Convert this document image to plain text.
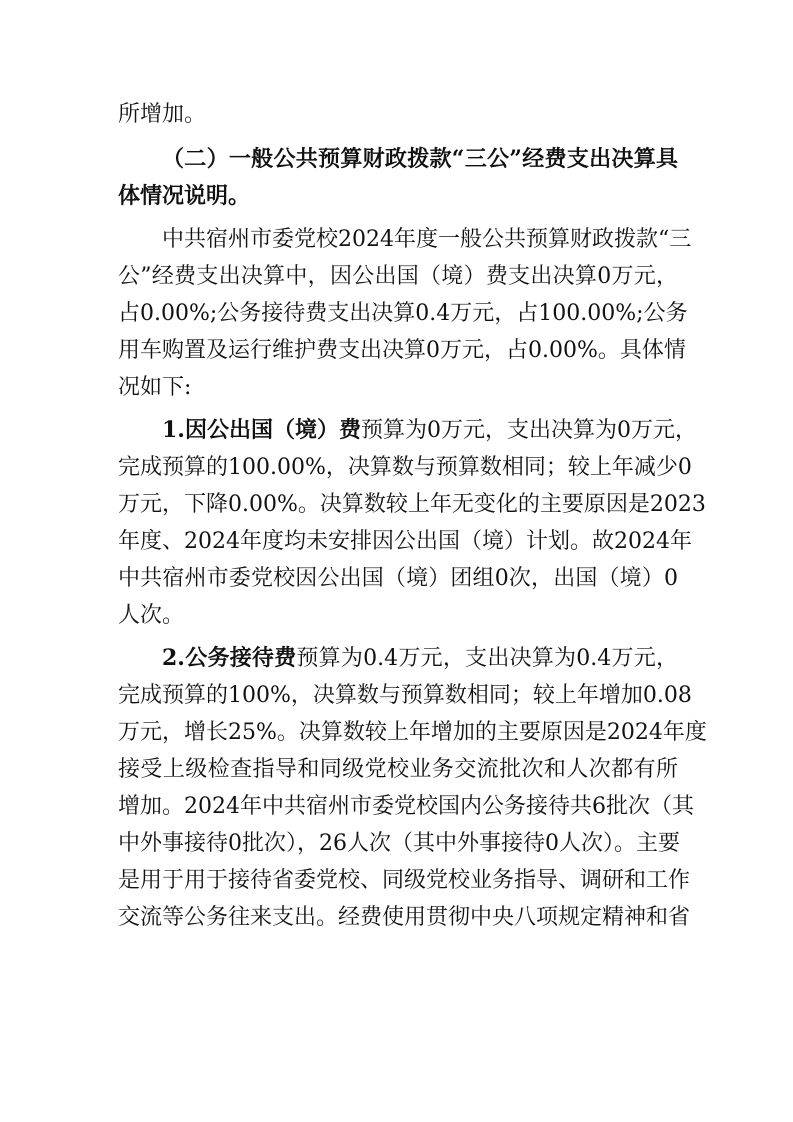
所增加。
（二）一般公共预算财政拨款“三公”经费支出决算具
体情况说明。
中共宿州市委党校2024年度一般公共预算财政拨款“三
公”经费支出决算中，因公出国（境）费支出决算0万元，
占0.00%;公务接待费支出决算0.4万元，占100.00%;公务
用车购置及运行维护费支出决算0万元，占0.00%。具体情
况如下:
1.因公出国（境）费预算为0万元，支出决算为0万元，
完成预算的100.00%，决算数与预算数相同；较上年减少0
万元，下降0.00%。决算数较上年无变化的主要原因是2023
年度、2024年度均未安排因公出国（境）计划。故2024年
中共宿州市委党校因公出国（境）团组0次，出国（境）0
人次。
2.公务接待费预算为0.4万元，支出决算为0.4万元，
完成预算的100%，决算数与预算数相同；较上年增加0.08
万元，增长25%。决算数较上年增加的主要原因是2024年度
接受上级检查指导和同级党校业务交流批次和人次都有所
增加。2024年中共宿州市委党校国内公务接待共6批次（其
中外事接待0批次），26人次（其中外事接待0人次）。主要
是用于用于接待省委党校、同级党校业务指导、调研和工作
交流等公务往来支出。经费使用贯彻中央八项规定精神和省
